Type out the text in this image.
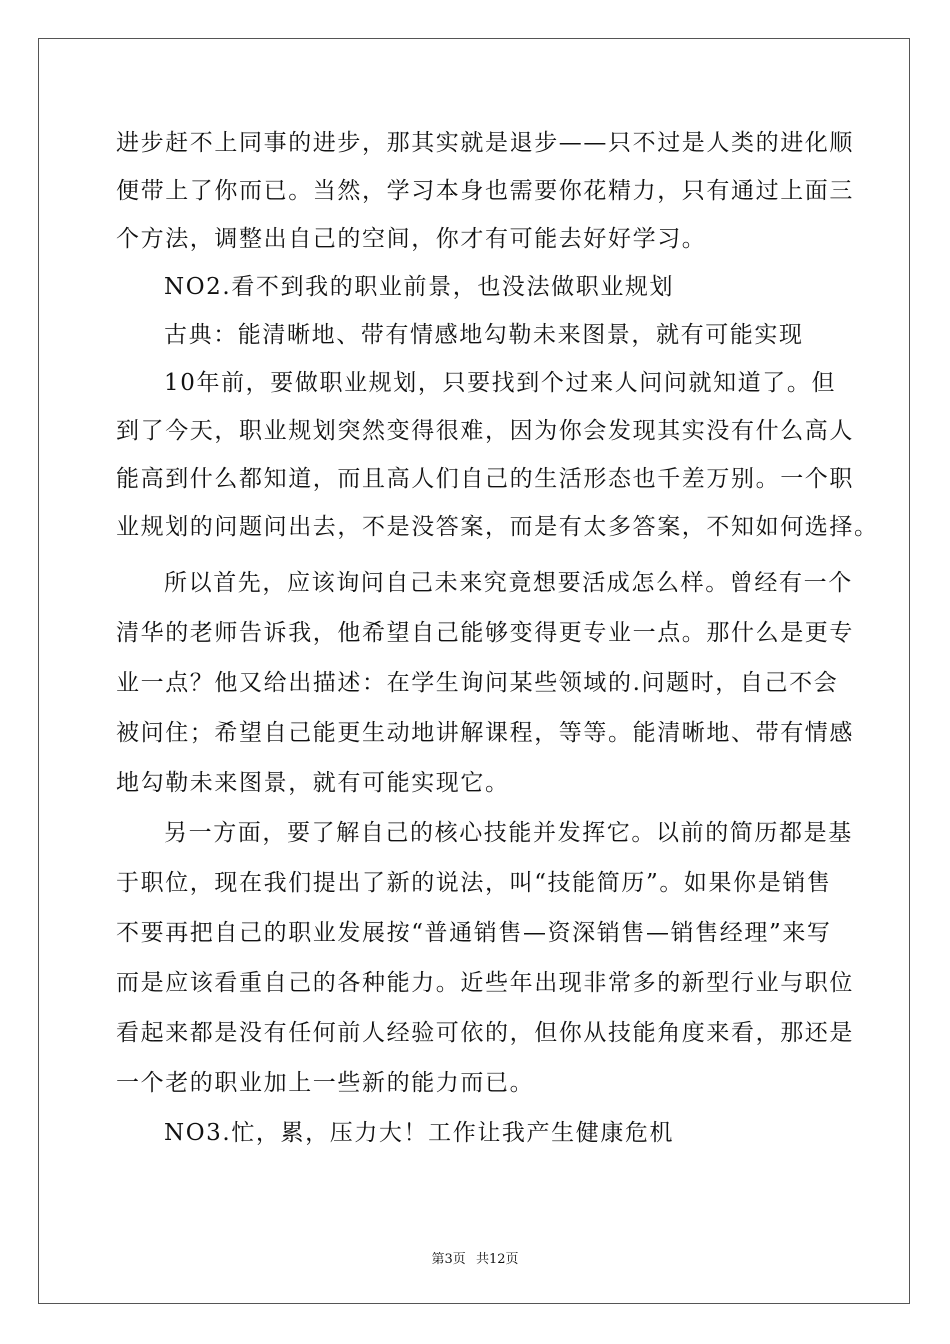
进步赶不上同事的进步，那其实就是退步——只不过是人类的进化顺
便带上了你而已。当然，学习本身也需要你花精力，只有通过上面三
个方法，调整出自己的空间，你才有可能去好好学习。
NO2.看不到我的职业前景，也没法做职业规划
古典：能清晰地、带有情感地勾勒未来图景，就有可能实现
10年前，要做职业规划，只要找到个过来人问问就知道了。但
到了今天，职业规划突然变得很难，因为你会发现其实没有什么高人
能高到什么都知道，而且高人们自己的生活形态也千差万别。一个职
业规划的问题问出去，不是没答案，而是有太多答案，不知如何选择。
所以首先，应该询问自己未来究竟想要活成怎么样。曾经有一个
清华的老师告诉我，他希望自己能够变得更专业一点。那什么是更专
业一点？他又给出描述：在学生询问某些领域的.问题时，自己不会
被问住；希望自己能更生动地讲解课程，等等。能清晰地、带有情感
地勾勒未来图景，就有可能实现它。
另一方面，要了解自己的核心技能并发挥它。以前的简历都是基
于职位，现在我们提出了新的说法，叫“技能简历”。如果你是销售
不要再把自己的职业发展按“普通销售—资深销售—销售经理”来写
而是应该看重自己的各种能力。近些年出现非常多的新型行业与职位
看起来都是没有任何前人经验可依的，但你从技能角度来看，那还是
一个老的职业加上一些新的能力而已。
NO3.忙，累，压力大！工作让我产生健康危机
第3页 共12页
